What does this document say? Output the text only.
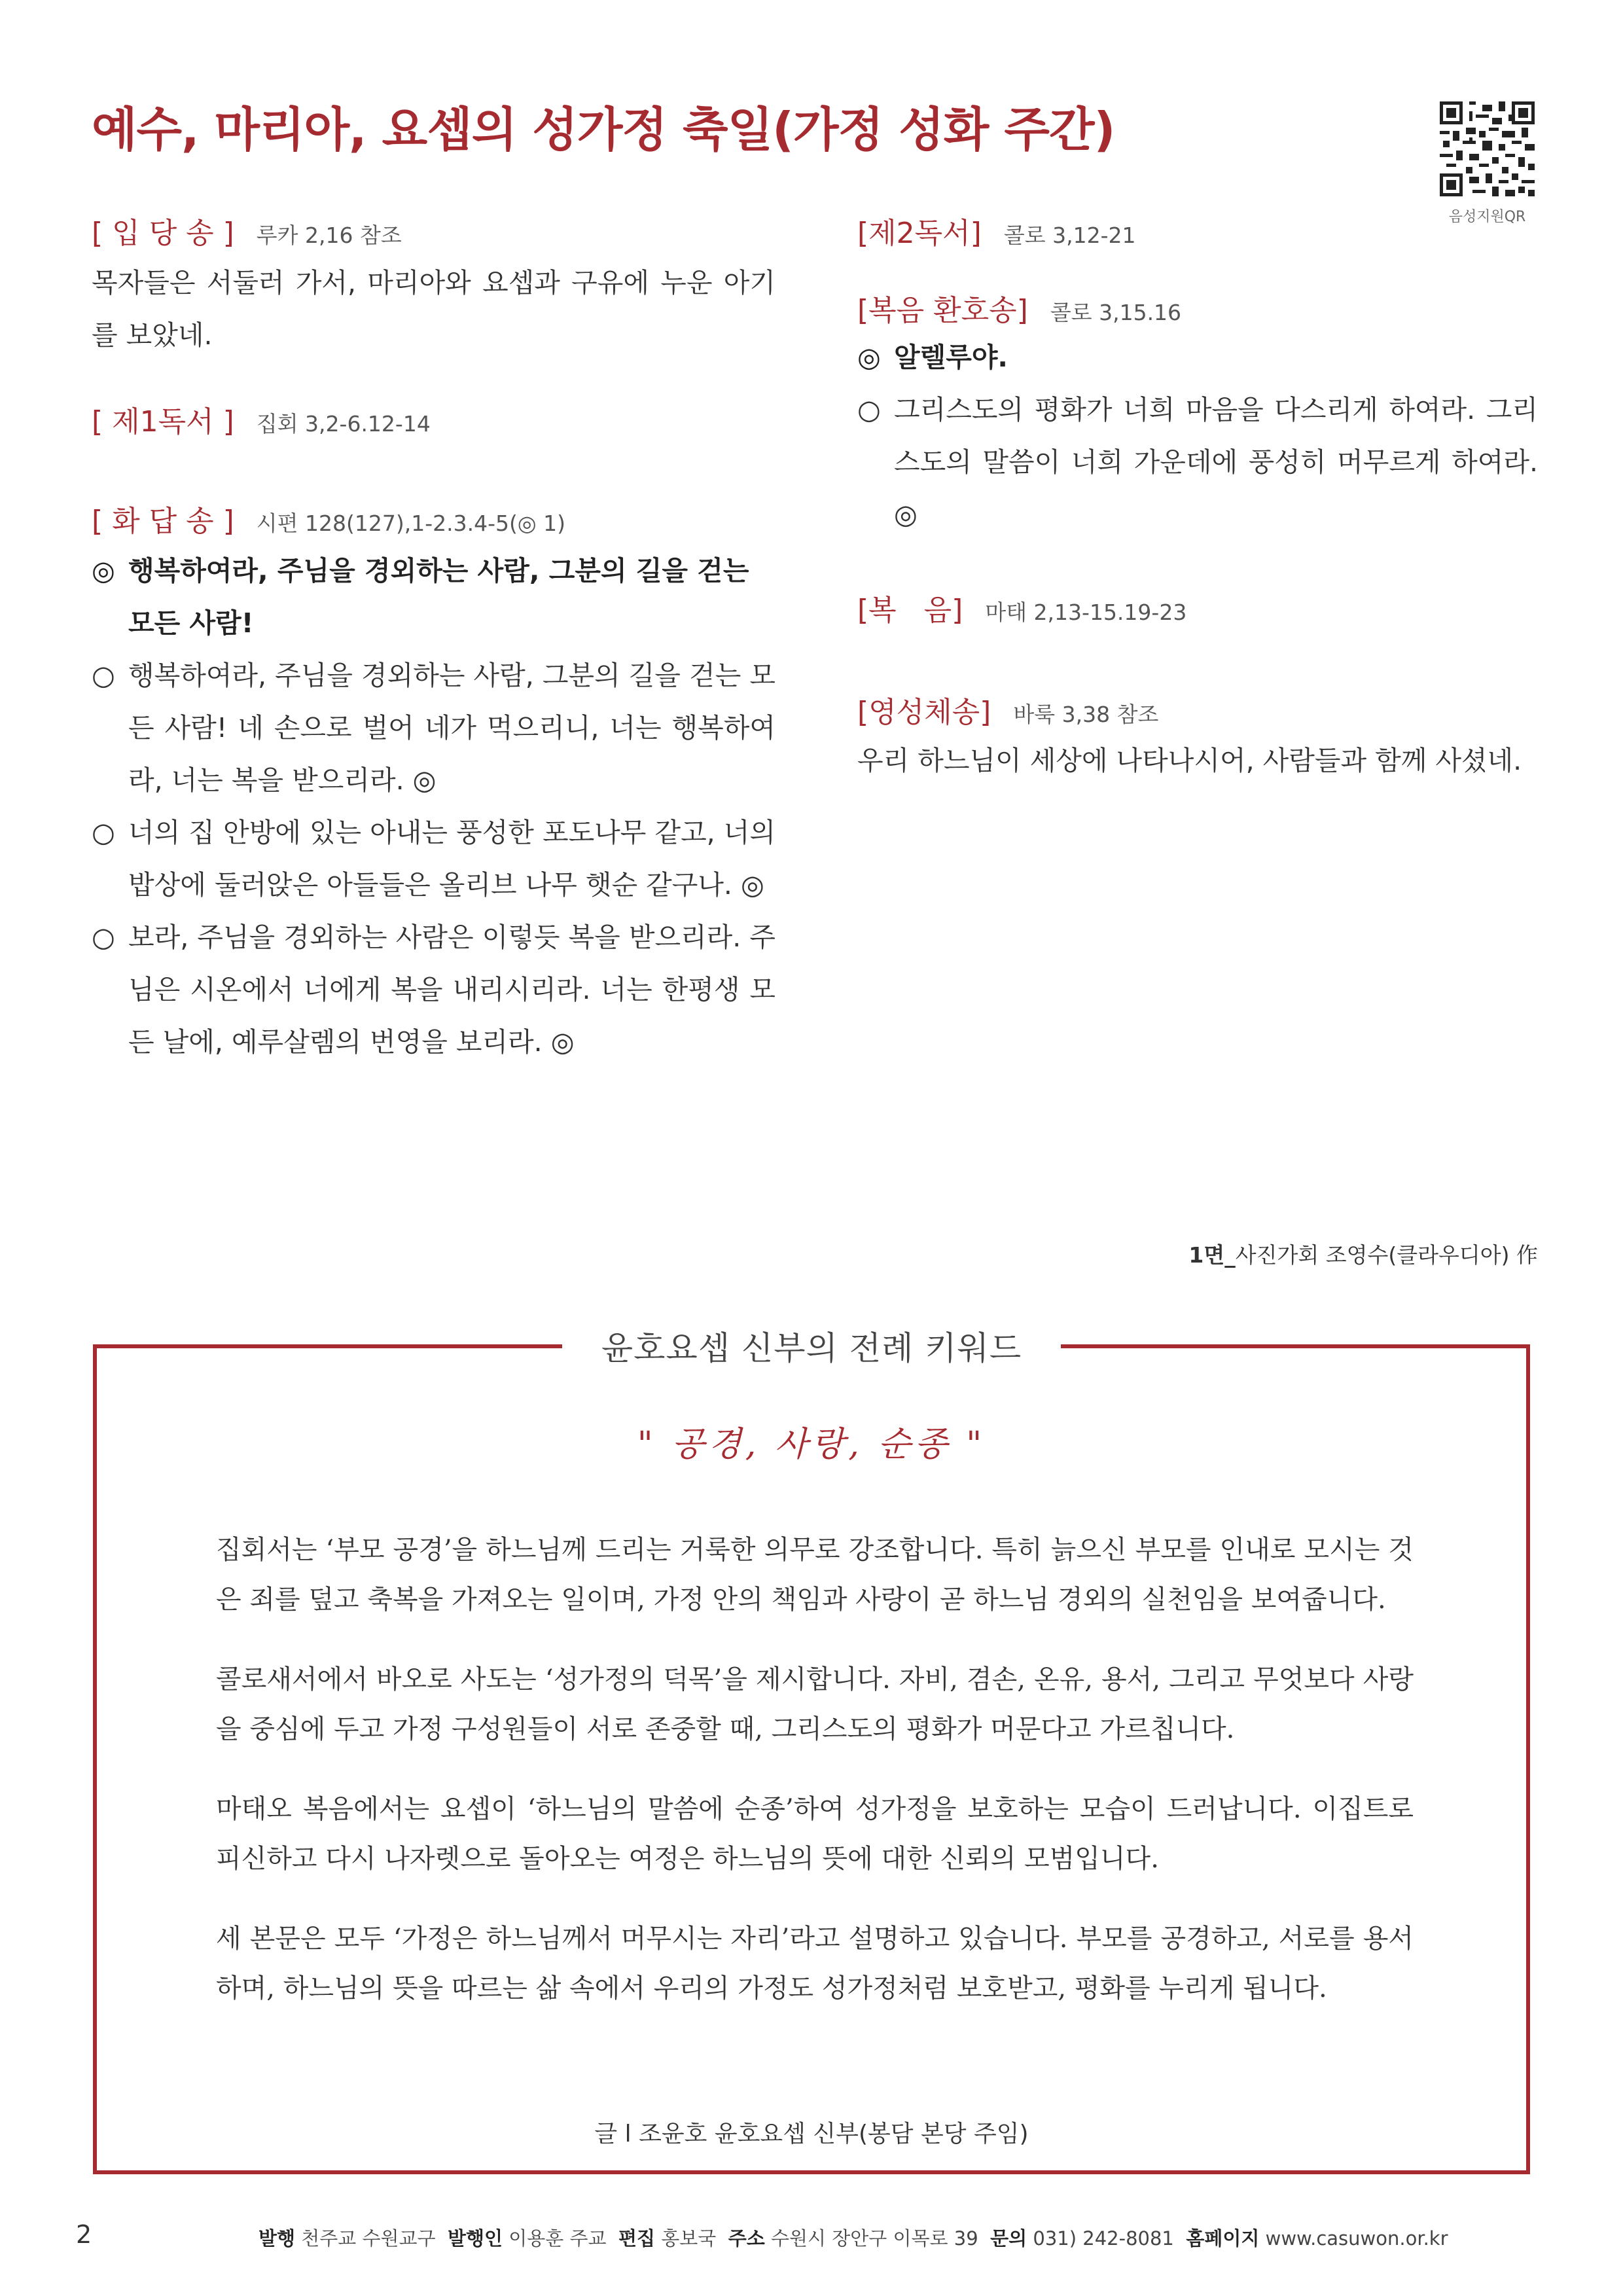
예수, 마리아, 요셉의 성가정 축일(가정 성화 주간)
음성지원QR
[ 입 당 송 ] 루카 2,16 참조
목자들은 서둘러 가서, 마리아와 요셉과 구유에 누운 아기를 보았네.
[ 제1독서 ] 집회 3,2-6.12-14
[ 화 답 송 ] 시편 128(127),1-2.3.4-5(◎ 1)
◎ 행복하여라, 주님을 경외하는 사람, 그분의 길을 걷는 모든 사람!
○ 행복하여라, 주님을 경외하는 사람, 그분의 길을 걷는 모든 사람! 네 손으로 벌어 네가 먹으리니, 너는 행복하여라, 너는 복을 받으리라. ◎
○ 너의 집 안방에 있는 아내는 풍성한 포도나무 같고, 너의 밥상에 둘러앉은 아들들은 올리브 나무 햇순 같구나. ◎
○ 보라, 주님을 경외하는 사람은 이렇듯 복을 받으리라. 주님은 시온에서 너에게 복을 내리시리라. 너는 한평생 모든 날에, 예루살렘의 번영을 보리라. ◎
[제2독서] 콜로 3,12-21
[복음 환호송] 콜로 3,15.16
◎ 알렐루야.
○ 그리스도의 평화가 너희 마음을 다스리게 하여라. 그리스도의 말씀이 너희 가운데에 풍성히 머무르게 하여라. ◎
[복   음] 마태 2,13-15.19-23
[영성체송] 바룩 3,38 참조
우리 하느님이 세상에 나타나시어, 사람들과 함께 사셨네.
1면_사진가회 조영수(클라우디아) 作
윤호요셉 신부의 전례 키워드
" 공경, 사랑, 순종 "

집회서는 ‘부모 공경’을 하느님께 드리는 거룩한 의무로 강조합니다. 특히 늙으신 부모를 인내로 모시는 것은 죄를 덮고 축복을 가져오는 일이며, 가정 안의 책임과 사랑이 곧 하느님 경외의 실천임을 보여줍니다.

콜로새서에서 바오로 사도는 ‘성가정의 덕목’을 제시합니다. 자비, 겸손, 온유, 용서, 그리고 무엇보다 사랑을 중심에 두고 가정 구성원들이 서로 존중할 때, 그리스도의 평화가 머문다고 가르칩니다.

마태오 복음에서는 요셉이 ‘하느님의 말씀에 순종’하여 성가정을 보호하는 모습이 드러납니다. 이집트로 피신하고 다시 나자렛으로 돌아오는 여정은 하느님의 뜻에 대한 신뢰의 모범입니다.

세 본문은 모두 ‘가정은 하느님께서 머무시는 자리’라고 설명하고 있습니다. 부모를 공경하고, 서로를 용서하며, 하느님의 뜻을 따르는 삶 속에서 우리의 가정도 성가정처럼 보호받고, 평화를 누리게 됩니다.

글 l 조윤호 윤호요셉 신부(봉담 본당 주임)
2	발행 천주교 수원교구 발행인 이용훈 주교 편집 홍보국 주소 수원시 장안구 이목로 39 문의 031) 242-8081 홈페이지 www.casuwon.or.kr
